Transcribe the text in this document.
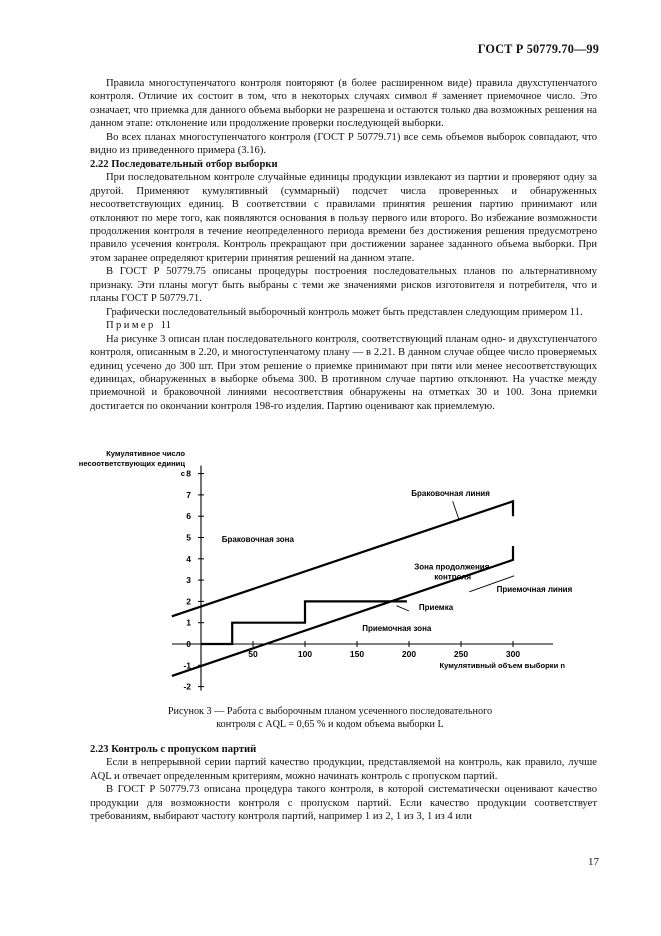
ГОСТ Р 50779.70—99

Правила многоступенчатого контроля повторяют (в более расширенном виде) правила двухступенчатого контроля. Отличие их состоит в том, что в некоторых случаях символ # заменяет приемочное число. Это означает, что приемка для данного объема выборки не разрешена и остаются только два возможных решения на данном этапе: отклонение или продолжение проверки последующей выборки.

Во всех планах многоступенчатого контроля (ГОСТ Р 50779.71) все семь объемов выборок совпадают, что видно из приведенного примера (3.16).

2.22 Последовательный отбор выборки

При последовательном контроле случайные единицы продукции извлекают из партии и проверяют одну за другой. Применяют кумулятивный (суммарный) подсчет числа проверенных и обнаруженных несоответствующих единиц. В соответствии с правилами принятия решения партию принимают или отклоняют по мере того, как появляются основания в пользу первого или второго. Во избежание возможности продолжения контроля в течение неопределенного периода времени без достижения решения предусмотрено правило усечения контроля. Контроль прекращают при достижении заранее заданного объема выборки. При этом заранее определяют критерии принятия решений на данном этапе.

В ГОСТ Р 50779.75 описаны процедуры построения последовательных планов по альтернативному признаку. Эти планы могут быть выбраны с теми же значениями рисков изготовителя и потребителя, что и планы ГОСТ Р 50779.71.

Графически последовательный выборочный контроль может быть представлен следующим примером 11.

Пример 11

На рисунке 3 описан план последовательного контроля, соответствующий планам одно- и двухступенчатого контроля, описанным в 2.20, и многоступенчатому плану — в 2.21. В данном случае общее число проверяемых единиц усечено до 300 шт. При этом решение о приемке принимают при пяти или менее несоответствующих единицах, обнаруженных в выборке объема 300. В противном случае партию отклоняют. На участке между приемочной и браковочной линиями несоответствия обнаружены на отметках 30 и 100. Зона приемки достигается по окончании контроля 198-го изделия. Партию оценивают как приемлемую.

Кумулятивное число
несоответствующих единиц
c
-2
-1
0
1
2
3
4
5
6
7
8
50	100	150	200	250	300
Кумулятивный объем выборки n
Браковочная линия
Приемочная линия
Приемка
Браковочная зона
Зона продолжения
контроля
Приемочная зона
Рисунок 3 — Работа с выборочным планом усеченного последовательного
контроля с AQL = 0,65 % и кодом объема выборки L

2.23 Контроль с пропуском партий

Если в непрерывной серии партий качество продукции, представляемой на контроль, как правило, лучше AQL и отвечает определенным критериям, можно начинать контроль с пропуском партий.

В ГОСТ Р 50779.73 описана процедура такого контроля, в которой систематически оценивают качество продукции для возможности контроля с пропуском партий. Если качество продукции соответствует требованиям, выбирают частоту контроля партий, например 1 из 2, 1 из 3, 1 из 4 или

17
